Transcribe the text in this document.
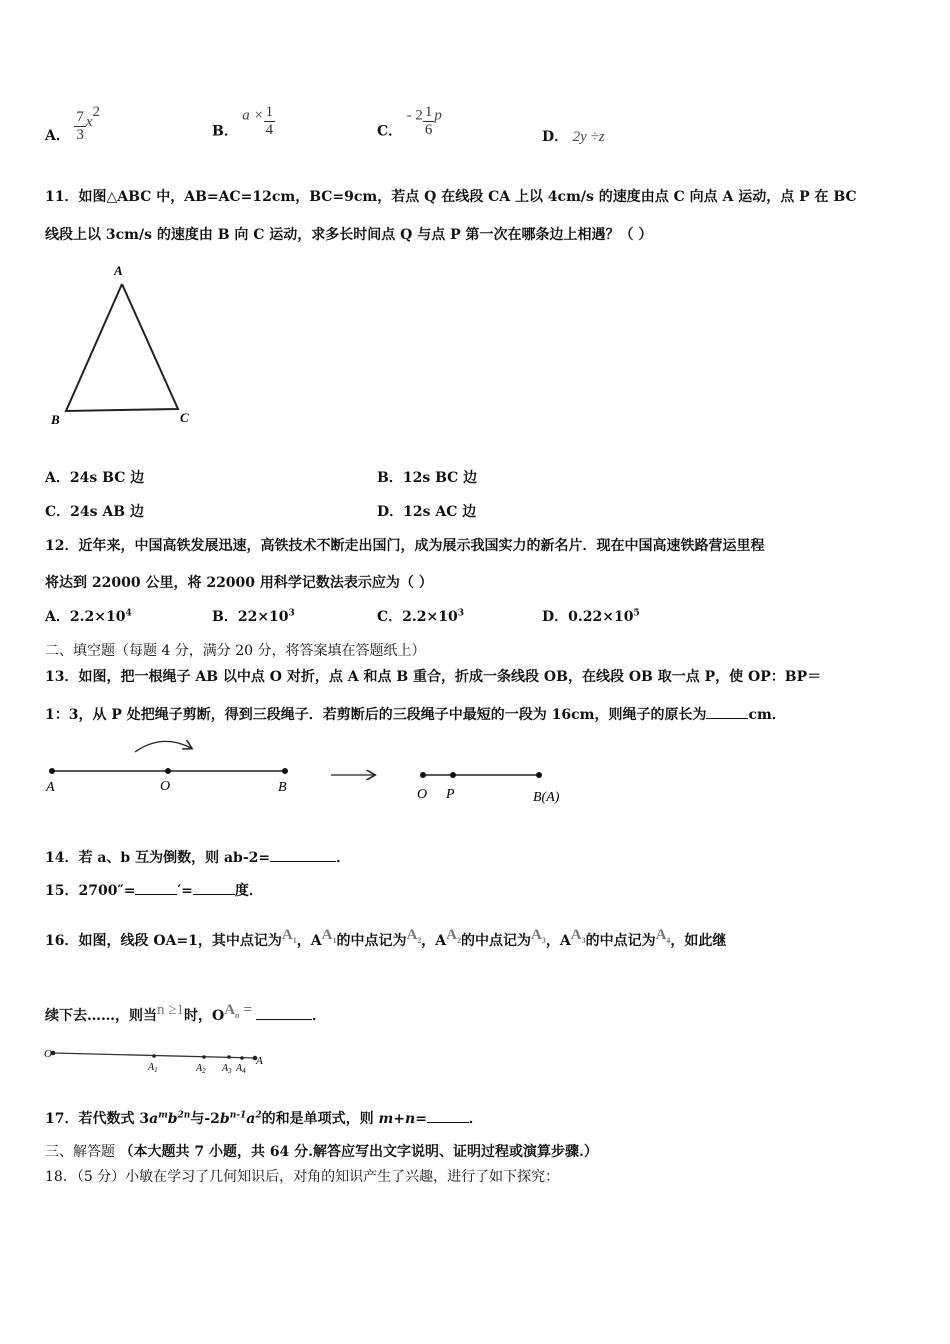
A． $\frac{7}{3} x^2$
B． $a \times \frac{1}{4}$	C． - $2 \frac{1}{6}$ p
D． 2y ÷z
11．如图△ABC 中，AB=AC=12cm，BC=9cm，若点 Q 在线段 CA 上以 4cm/s 的速度由点 C 向点 A 运动，点 P 在 BC
线段上以 3cm/s 的速度由 B 向 C 运动，求多长时间点 Q 与点 P 第一次在哪条边上相遇？（ ）
A
B	C
A．24s BC 边	B．12s BC 边
C．24s AB 边	D．12s AC 边
12．近年来，中国高铁发展迅速，高铁技术不断走出国门，成为展示我国实力的新名片．现在中国高速铁路营运里程
将达到 22000 公里，将 22000 用科学记数法表示应为（ ）
A．$2.2\times 10^4$	B．$22\times 10^3$	C．$2.2\times 10^3$	D．$0.22\times 10^5$
二、填空题（每题 4 分，满分 20 分，将答案填在答题纸上）
13．如图，把一根绳子 AB 以中点 O 对折，点 A 和点 B 重合，折成一条线段 OB，在线段 OB 取一点 P，使 OP：BP＝
1：3，从 P 处把绳子剪断，得到三段绳子．若剪断后的三段绳子中最短的一段为 16cm，则绳子的原长为	cm．
A	O	B	O P	B(A)
14．若 a、b 互为倒数，则 ab-2=	．
15．2700″=	′=	度．
16．如图，线段 OA=1，其中点记为$A_1$，$AA_1$的中点记为$A_2$，$AA_2$的中点记为$A_3$，$AA_3$的中点记为$A_4$，如此继
续下去……，则当n ≥1时，$OA_n$ =	．
O
$A_1$	$A_2$ $A_3$ $A_4$
A
17．若代数式 $3a^mb^{2n}$与$-2b^{n-1}a^2$的和是单项式，则 m+n=	．
三、解答题 （本大题共 7 小题，共 64 分.解答应写出文字说明、证明过程或演算步骤.）
18．（5 分）小敏在学习了几何知识后，对角的知识产生了兴趣，进行了如下探究：
